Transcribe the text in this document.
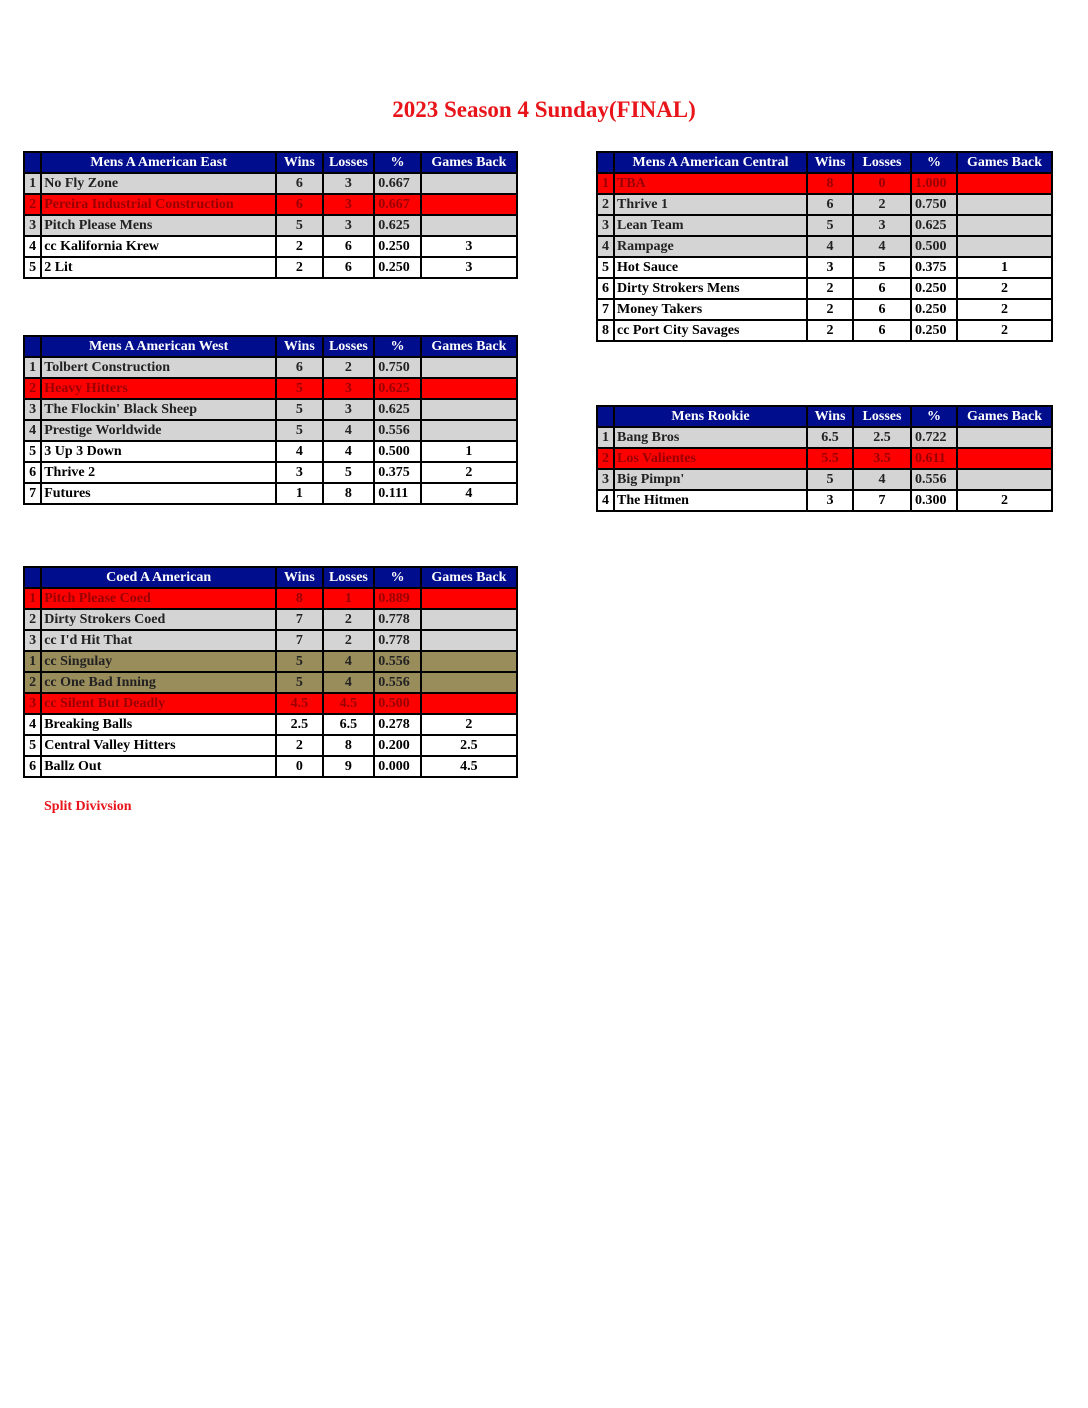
2023 Season 4 Sunday(FINAL)
	Mens A American East	Wins	Losses	%	Games Back
1	No Fly Zone	6	3	0.667	
2	Pereira Industrial Construction	6	3	0.667	
3	Pitch Please Mens	5	3	0.625	
4	cc Kalifornia Krew	2	6	0.250	3
5	2 Lit	2	6	0.250	3
	Mens A American Central	Wins	Losses	%	Games Back
1	TBA	8	0	1.000	
2	Thrive 1	6	2	0.750	
3	Lean Team	5	3	0.625	
4	Rampage	4	4	0.500	
5	Hot Sauce	3	5	0.375	1
6	Dirty Strokers Mens	2	6	0.250	2
7	Money Takers	2	6	0.250	2
8	cc Port City Savages	2	6	0.250	2
	Mens A American West	Wins	Losses	%	Games Back
1	Tolbert Construction	6	2	0.750	
2	Heavy Hitters	5	3	0.625	
3	The Flockin' Black Sheep	5	3	0.625	
4	Prestige Worldwide	5	4	0.556	
5	3 Up 3 Down	4	4	0.500	1
6	Thrive 2	3	5	0.375	2
7	Futures	1	8	0.111	4
	Mens Rookie	Wins	Losses	%	Games Back
1	Bang Bros	6.5	2.5	0.722	
2	Los Valientes	5.5	3.5	0.611	
3	Big Pimpn'	5	4	0.556	
4	The Hitmen	3	7	0.300	2
	Coed A American	Wins	Losses	%	Games Back
1	Pitch Please Coed	8	1	0.889	
2	Dirty Strokers Coed	7	2	0.778	
3	cc I'd Hit That	7	2	0.778	
1	cc Singulay	5	4	0.556	
2	cc One Bad Inning	5	4	0.556	
3	cc Silent But Deadly	4.5	4.5	0.500	
4	Breaking Balls	2.5	6.5	0.278	2
5	Central Valley Hitters	2	8	0.200	2.5
6	Ballz Out	0	9	0.000	4.5
Split Divivsion
